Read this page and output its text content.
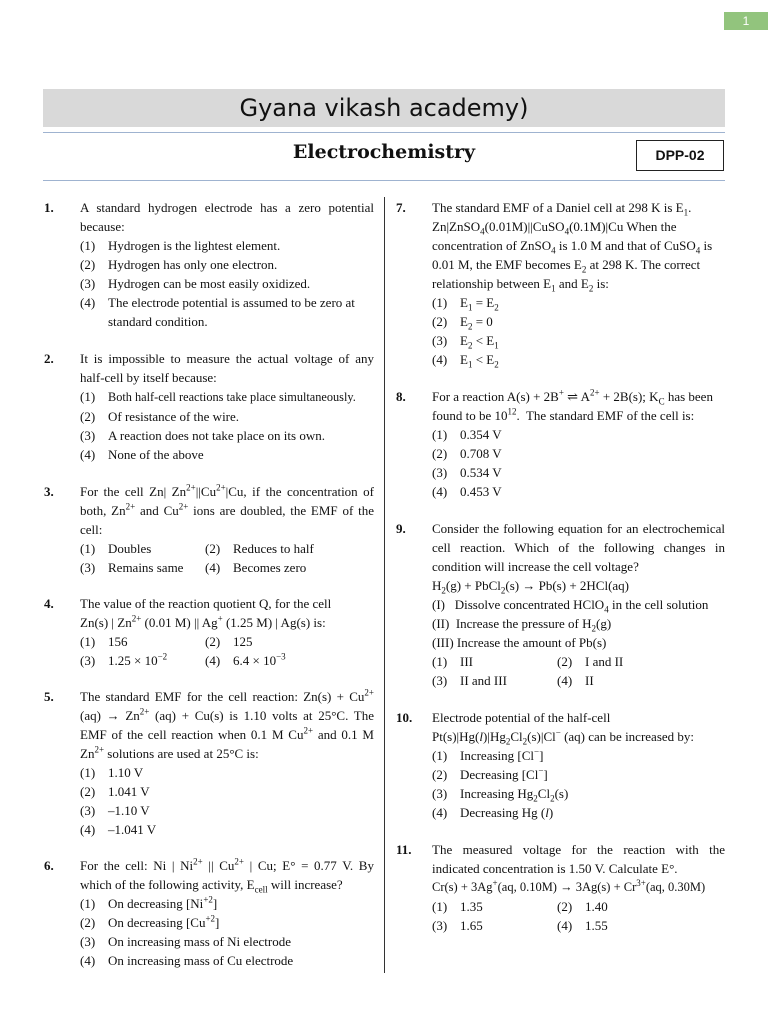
1
Gyana vikash academy)
Electrochemistry	DPP-02
1. A standard hydrogen electrode has a zero potential because:
(1) Hydrogen is the lightest element.
(2) Hydrogen has only one electron.
(3) Hydrogen can be most easily oxidized.
(4) The electrode potential is assumed to be zero at standard condition.
2. It is impossible to measure the actual voltage of any half-cell by itself because:
(1) Both half-cell reactions take place simultaneously.
(2) Of resistance of the wire.
(3) A reaction does not take place on its own.
(4) None of the above
3. For the cell Zn| $Zn^{2+}||Cu^{2+}|Cu$, if the concentration of both, $Zn^{2+}$ and $Cu^{2+}$ ions are doubled, the EMF of the cell:
(1) Doubles	(2) Reduces to half
(3) Remains same	(4) Becomes zero
4. The value of the reaction quotient Q, for the cell
Zn(s) | $Zn^{2+}$ (0.01 M) || Ag+ (1.25 M) | Ag(s) is:
(1) 156	(2) 125
(3) $1.25 \times 10^{-2}$	(4) $6.4 \times 10^{-3}$
5. The standard EMF for the cell reaction: $Zn(s) + Cu^{2+}$ $(aq) \to Zn^{2+}$ (aq) + Cu(s) is 1.10 volts at 25°C. The EMF of the cell reaction when 0.1 M $Cu^{2+}$ and 0.1 M $Zn^{2+}$ solutions are used at 25°C is:
(1) 1.10 V
(2) 1.041 V
(3) –1.10 V
(4) –1.041 V
6. For the cell: Ni | $Ni^{2+}$ || $Cu^{2+}$ | Cu; E° = 0.77 V. By which of the following activity, $E_{cell}$ will increase?
(1) On decreasing $[Ni^{+2}]$
(2) On decreasing $[Cu^{+2}]$
(3) On increasing mass of Ni electrode
(4) On increasing mass of Cu electrode
7. The standard EMF of a Daniel cell at 298 K is $E_1$. Zn|ZnSO$_4$(0.01M)||CuSO$_4$(0.1M)|Cu When the concentration of ZnSO$_4$ is 1.0 M and that of CuSO$_4$ is 0.01 M, the EMF becomes $E_2$ at 298 K. The correct relationship between $E_1$ and $E_2$ is:
(1) $E_1 = E_2$
(2) $E_2 = 0$
(3) $E_2 < E_1$
(4) $E_1 < E_2$
8. For a reaction A(s) + 2B+ ⇌ $A^{2+} + 2B(s)$; $K_C$ has been found to be $10^{12}$.  The standard EMF of the cell is:
(1) 0.354 V
(2) 0.708 V
(3) 0.534 V
(4) 0.453 V
9. Consider the following equation for an electrochemical cell reaction. Which of the following changes in condition will increase the cell voltage?
$H_2(g)$ + PbCl$_2$(s) → Pb(s) + 2HCl(aq)
(I)   Dissolve concentrated HClO$_4$ in the cell solution
(II)  Increase the pressure of $H_2(g)$
(III) Increase the amount of Pb(s)
(1) III	(2) I and II
(3) II and III	(4) II
10. Electrode potential of the half-cell
$Pt(s)|Hg(l)|Hg_2Cl_2(s)|Cl^-$ (aq) can be increased by:
(1) Increasing [Cl−]
(2) Decreasing [Cl−]
(3) Increasing $Hg_2Cl_2(s)$
(4) Decreasing Hg (l)
11. The measured voltage for the reaction with the indicated concentration is 1.50 V. Calculate E°.
Cr(s) + 3Ag+(aq, $0.10M) \to 3Ag(s) + Cr^{3+}(aq$, 0.30M)
(1) 1.35	(2) 1.40
(3) 1.65	(4) 1.55
